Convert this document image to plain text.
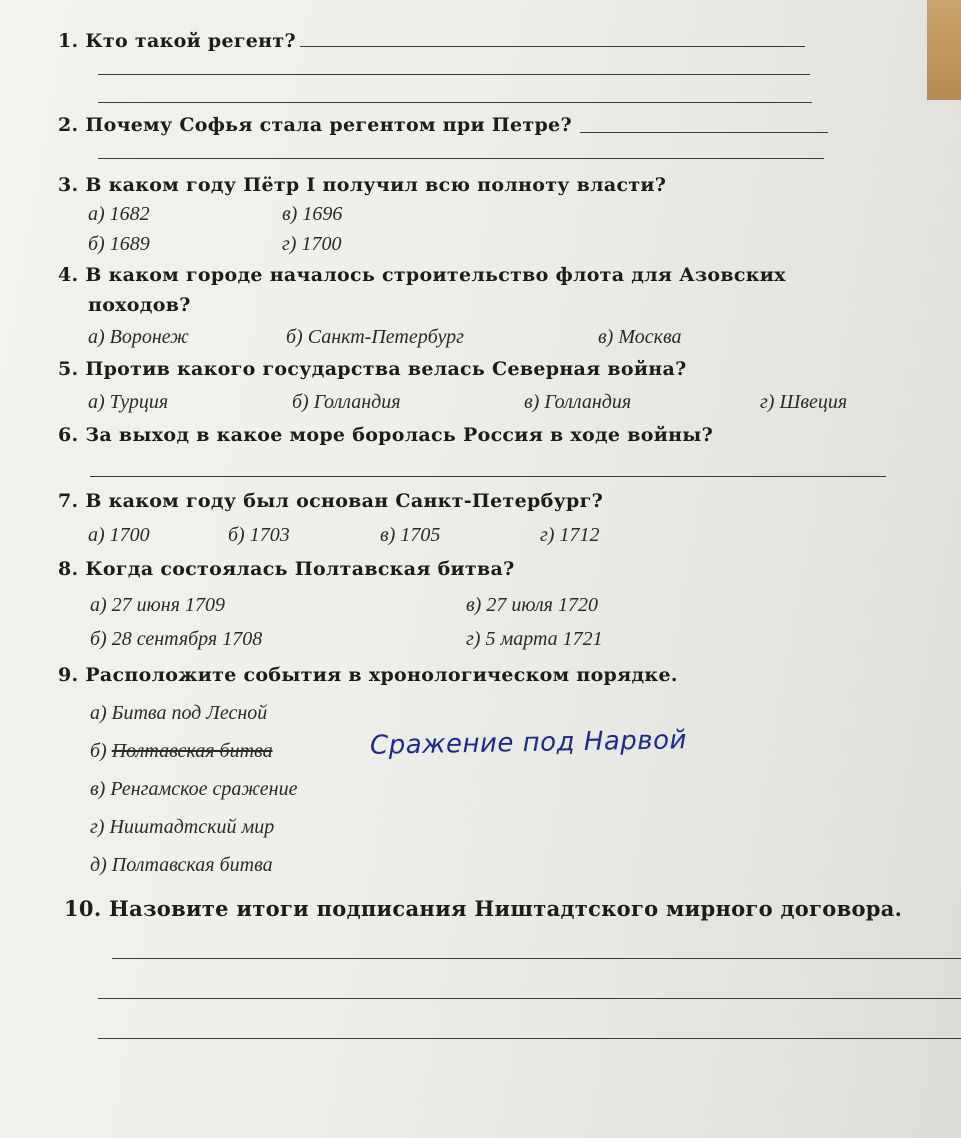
1. Кто такой регент?
2. Почему Софья стала регентом при Петре?
3. В каком году Пётр I получил всю полноту власти?
а) 1682	в) 1696
б) 1689	г) 1700
4. В каком городе началось строительство флота для Азовских
походов?
а) Воронеж	б) Санкт-Петербург	в) Москва
5. Против какого государства велась Северная война?
а) Турция	б) Голландия	в) Голландия	г) Швеция
6. За выход в какое море боролась Россия в ходе войны?
7. В каком году был основан Санкт-Петербург?
а) 1700	б) 1703	в) 1705	г) 1712
8. Когда состоялась Полтавская битва?
а) 27 июня 1709	в) 27 июля 1720
б) 28 сентября 1708	г) 5 марта 1721
9. Расположите события в хронологическом порядке.
а) Битва под Лесной
б) Полтавская битва	Сражение под Нарвой
в) Ренгамское сражение
г) Ништадтский мир
д) Полтавская битва
10. Назовите итоги подписания Ништадтского мирного договора.
